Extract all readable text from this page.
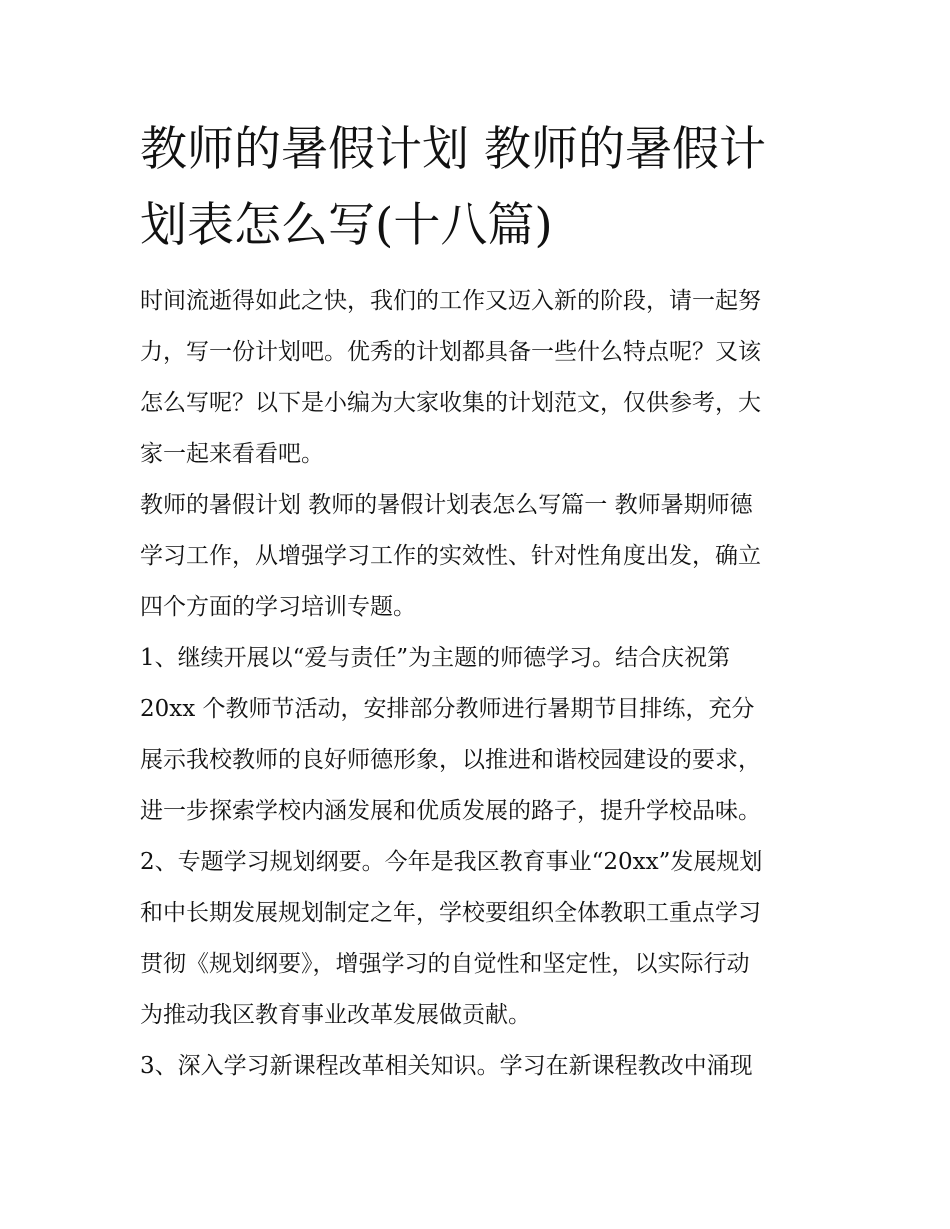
教师的暑假计划 教师的暑假计
划表怎么写(十八篇)
时间流逝得如此之快，我们的工作又迈入新的阶段，请一起努
力，写一份计划吧。优秀的计划都具备一些什么特点呢？又该
怎么写呢？以下是小编为大家收集的计划范文，仅供参考，大
家一起来看看吧。
教师的暑假计划 教师的暑假计划表怎么写篇一 教师暑期师德
学习工作，从增强学习工作的实效性、针对性角度出发，确立
四个方面的学习培训专题。
1、继续开展以“爱与责任”为主题的师德学习。结合庆祝第
20xx 个教师节活动，安排部分教师进行暑期节目排练，充分
展示我校教师的良好师德形象，以推进和谐校园建设的要求，
进一步探索学校内涵发展和优质发展的路子，提升学校品味。
2、专题学习规划纲要。今年是我区教育事业“20xx”发展规划
和中长期发展规划制定之年，学校要组织全体教职工重点学习
贯彻《规划纲要》，增强学习的自觉性和坚定性，以实际行动
为推动我区教育事业改革发展做贡献。
3、深入学习新课程改革相关知识。学习在新课程教改中涌现
